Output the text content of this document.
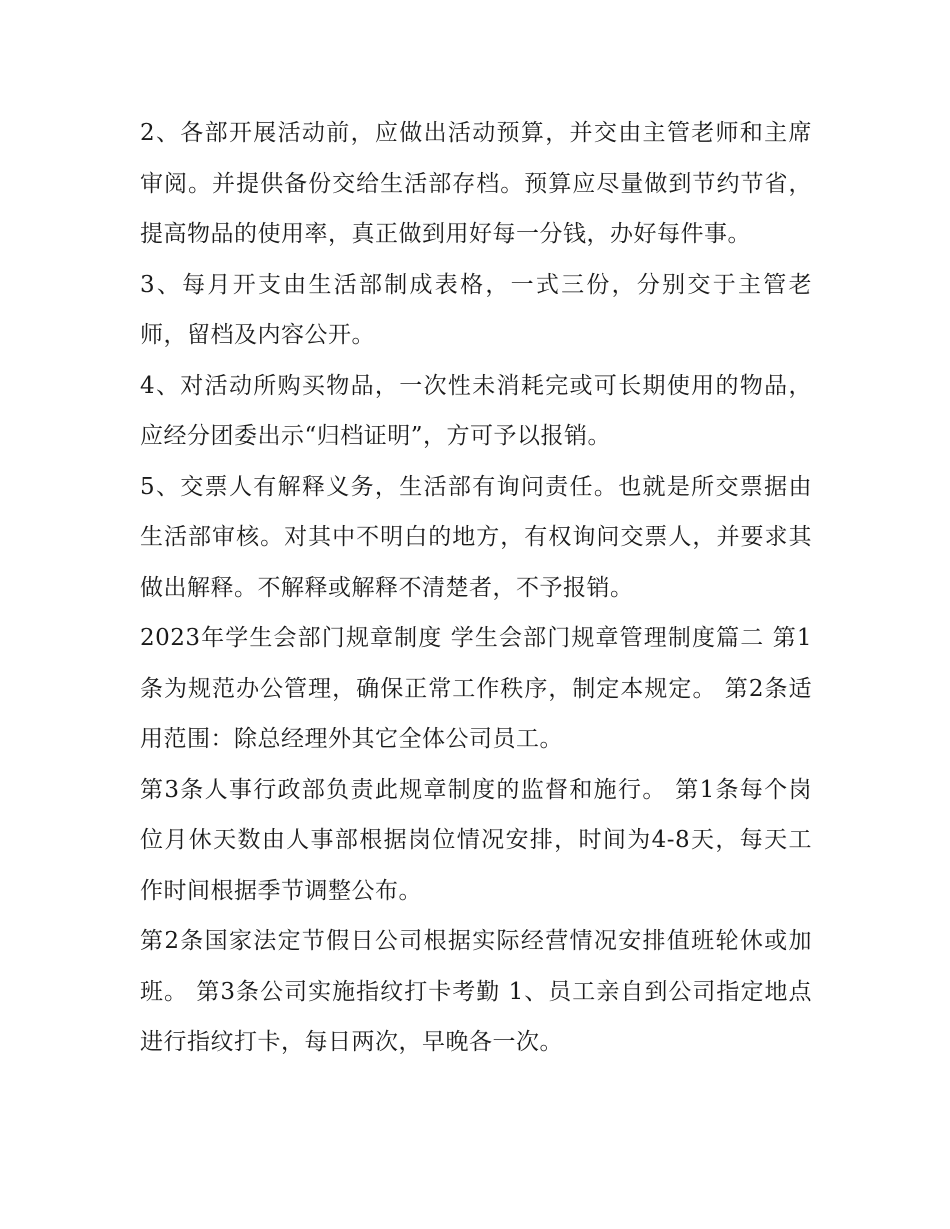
2、各部开展活动前，应做出活动预算，并交由主管老师和主席审阅。并提供备份交给生活部存档。预算应尽量做到节约节省，提高物品的使用率，真正做到用好每一分钱，办好每件事。

3、每月开支由生活部制成表格，一式三份，分别交于主管老师，留档及内容公开。

4、对活动所购买物品，一次性未消耗完或可长期使用的物品，应经分团委出示“归档证明”，方可予以报销。

5、交票人有解释义务，生活部有询问责任。也就是所交票据由生活部审核。对其中不明白的地方，有权询问交票人，并要求其做出解释。不解释或解释不清楚者，不予报销。

2023年学生会部门规章制度 学生会部门规章管理制度篇二 第1条为规范办公管理，确保正常工作秩序，制定本规定。 第2条适用范围：除总经理外其它全体公司员工。

第3条人事行政部负责此规章制度的监督和施行。 第1条每个岗位月休天数由人事部根据岗位情况安排，时间为4-8天，每天工作时间根据季节调整公布。

第2条国家法定节假日公司根据实际经营情况安排值班轮休或加班。 第3条公司实施指纹打卡考勤 1、员工亲自到公司指定地点进行指纹打卡，每日两次，早晚各一次。
